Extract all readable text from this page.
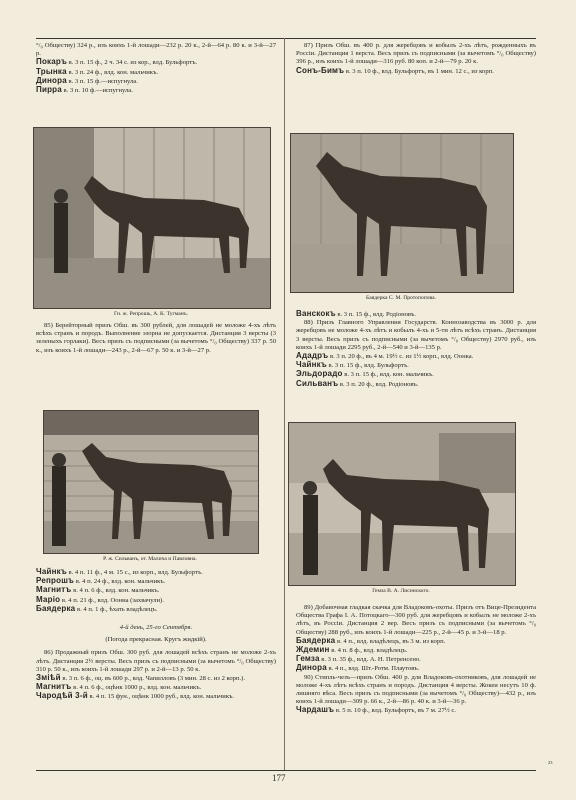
°/₀ Обществу) 324 р., изъ коихъ 1-й лошади—232 р. 20 к., 2-й—64 р. 80 к. и 3-й—27 р.

Покаръ в. 3 п. 15 ф., 2 ч. 34 с. из кор., влд. Бульфортъ.

Трынка в. 3 п. 24 ф., влд. кон. мальчикъ.

Динора в. 3 п. 15 ф.—испугнула.

Пирра в. 3 п. 10 ф.—испугнула.

Гн. ж. Репрошь, А. К. Тугманъ.

85) Берейторный призъ Обш. въ 300 рублей, для лошадей не моложе 4-хъ лѣтъ всѣхъ странъ и породъ. Выполнение эзорна не допускается. Дистанция 3 версты (3 зеленыхъ горлаки). Весъ призъ съ подписными (за вычетомъ °/₀ Обществу) 337 р. 50 к., изъ коихъ 1-й лошади—243 р., 2-й—67 р. 50 к. и 3-й—27 р.

Р. ж. Сильванъ, от. Малича и Павловна.

Чайнкъ в. 4 п. 11 ф., 4 м. 15 с., из корп., влд. Бульфортъ.

Репрошъ в. 4 п. 24 ф., влд. кон. мальчикъ.

Магнитъ в. 4 п. 6 ф., влд. кон. мальчикъ.

Маріо в. 4 п. 21 ф., влд. Оониа (захвачули).

Баядерка в. 4 п. 1 ф., ѣхать владѣлецъ.

4-й день, 25-го Сентября.

(Погода прекрасная. Кругъ жидкій).

86) Продажный призъ Обш. 300 руб. для лошадей всѣхъ странъ не моложе 2-хъ лѣтъ. Дистанция 2½ версты. Весъ призъ съ подписными (за вычетомъ °/₀ Обществу) 310 р. 50 к., изъ коихъ 1-й лошади 297 р. и 2-й—13 р. 50 к.

Зміѣй в. 3 п. 6 ф., оц. въ 600 р., влд. Чапилловъ (3 мин. 28 с. из 2 корп.).

Магнитъ в. 4 п. 6 ф., оцѣнк 1000 р., влд. кон. мальчикъ.

Чародѣй 3-й в. 4 п. 15 фун., оцѣнк 1000 руб., влд. кон. мальчикъ.

87) Призъ Обш. въ 400 р. для жеребцовъ и кобылъ 2-хъ лѣтъ, рожденныхъ въ Россіи. Дистанция 1 верста. Весъ призъ съ подписными (за вычетомъ °/₀ Обществу) 396 р., изъ коихъ 1-й лошади—316 руб. 80 коп. и 2-й—79 р. 20 к.

Сонъ-Бимъ в. 3 п. 10 ф., влд. Бульфортъ, въ 1 мин. 12 с., из корп.

Баядерка С. М. Протопопова.

Ванскокъ в. 3 п. 15 ф., влд. Родіоновъ.

88) Призъ Главного Управления Государств. Коннозаводства въ 3000 р. для жеребцовъ не моложе 4-хъ лѣтъ и кобылъ 4-хъ и 5-ти лѣтъ всѣхъ странъ. Дистанция 3 версты. Весъ призъ съ подписными (за вычетомъ °/₀ Обществу) 2970 руб., изъ коихъ 1-й лошади 2295 руб., 2-й—540 и 3-й—135 р.

Ададръ в. 3 п. 20 ф., въ 4 м. 19½ с. из 1½ корп., влд. Оонка.

Чайнкъ в. 3 п. 15 ф., влд. Бульфортъ.

Эльдорадо в. 3 п. 15 ф., влд. кон. мальчикъ.

Сильванъ в. 3 п. 20 ф., влд. Родіоновъ.

Гемза В. А. Лисинского.

89) Добавочная гладкая скачка для Владоковъ-охоты. Призъ отъ Вице-Президента Общества Графа I. А. Потоцкаго—300 руб. для жеребцовъ и кобылъ не моложе 2-хъ лѣтъ, въ Россіи. Дистанция 2 вер. Весъ призъ съ подписными (за вычетомъ °/₀ Обществу) 288 руб., изъ коихъ 1-й лошади—225 р., 2-й—45 р. и 3-й—18 р.

Баядерка в. 4 п., влд. владѣлецъ, въ 3 м. из корп.

Ждемин в. 4 п. 8 ф., влд. владѣлецъ.

Гемза в. 3 п. 35 ф., влд. А. Н. Петренсено.

Динора в. 4 п., влд. Шт.-Ротм. Плаутовъ.

90) Стипль-чезъ—призъ Обш. 400 р. для Владоковъ-охотниковъ, для лошадей не моложе 4-хъ лѣтъ всѣхъ странъ и породъ. Дистанция 4 версты. Жокеи несутъ 10 ф. лишняго вѣса. Весъ призъ съ подписными (за вычетомъ °/₀ Обществу)—432 р., изъ коихъ 1-й лошади—309 р. 66 к., 2-й—86 р. 40 к. и 3-й—36 р.

Чардашъ в. 5 п. 10 ф., влд. Бульфортъ, въ 7 м. 27½ с.

177
23
